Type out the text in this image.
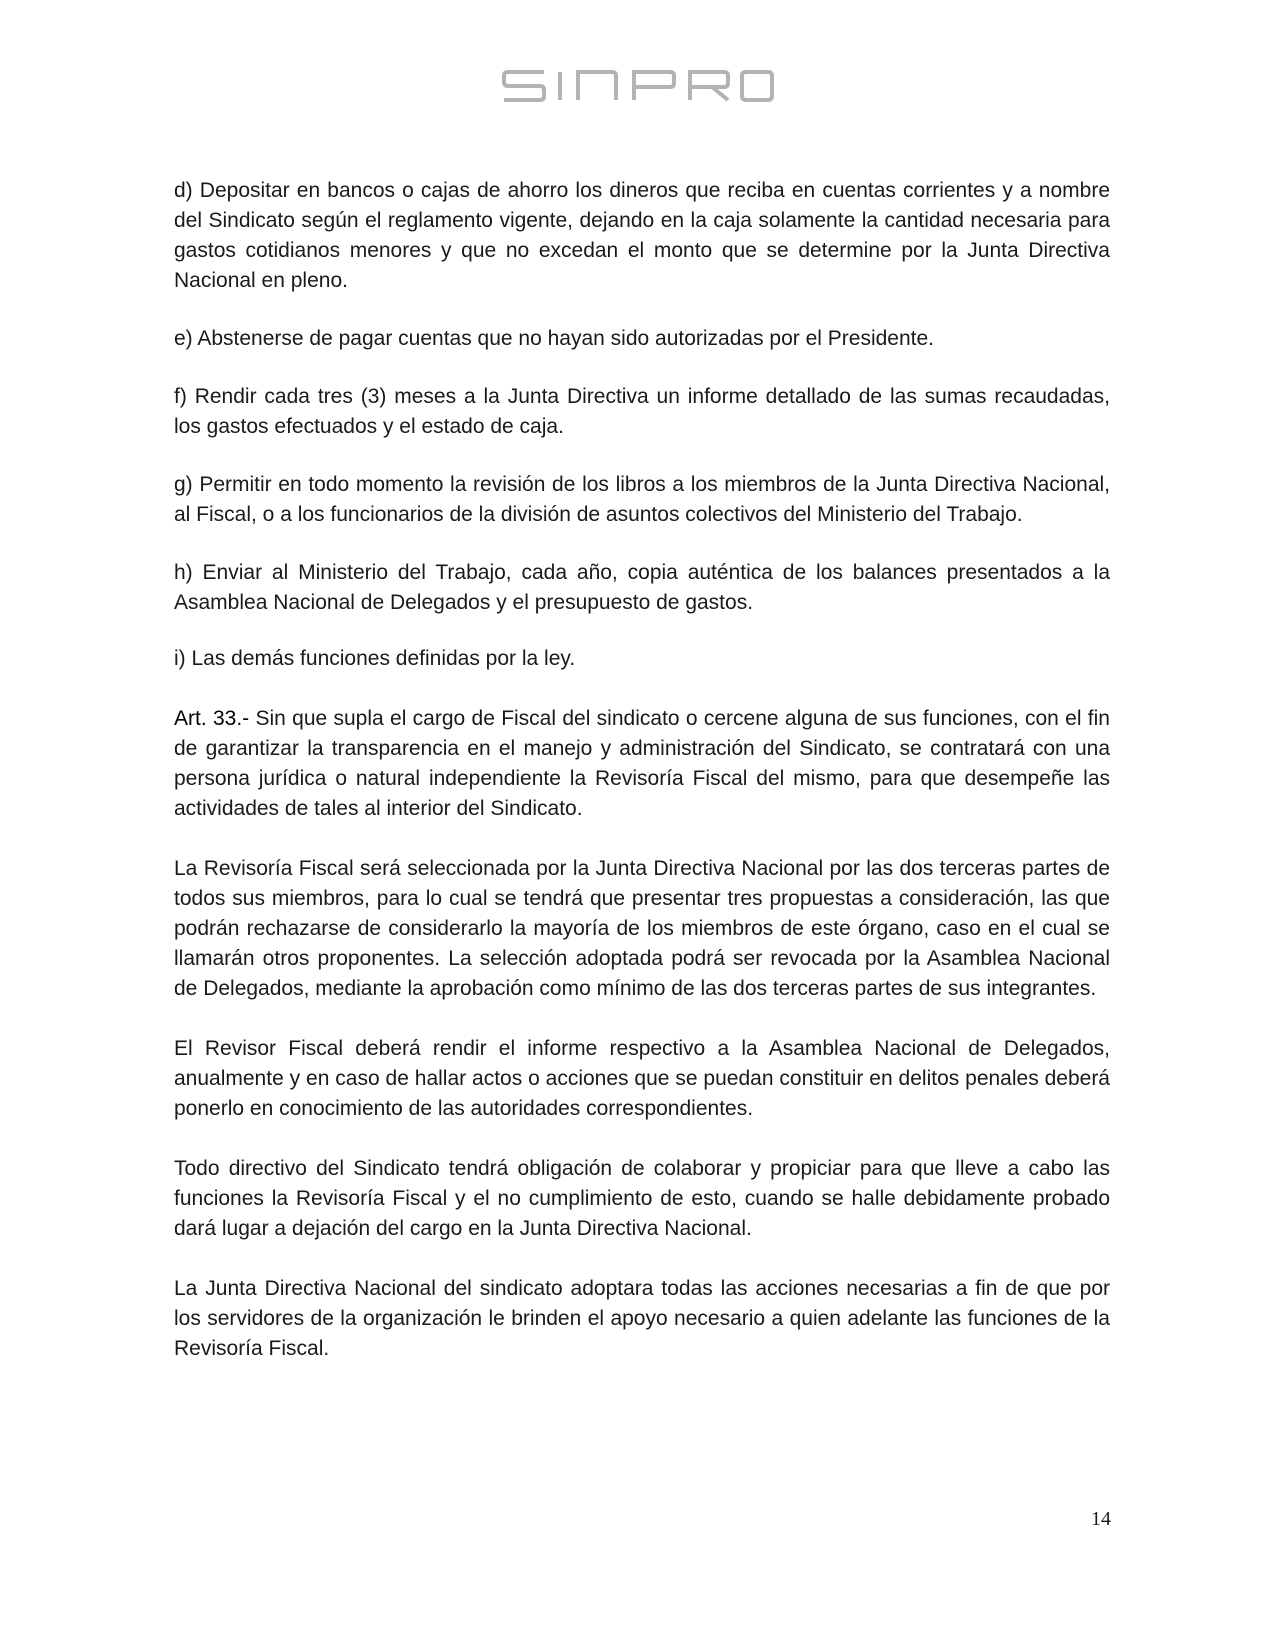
d) Depositar en bancos o cajas de ahorro los dineros que reciba en cuentas corrientes y a nombre del Sindicato según el reglamento vigente, dejando en la caja solamente la cantidad necesaria para gastos cotidianos menores y que no excedan el monto que se determine por la Junta Directiva Nacional en pleno.

e) Abstenerse de pagar cuentas que no hayan sido autorizadas por el Presidente.

f) Rendir cada tres (3) meses a la Junta Directiva un informe detallado de las sumas recaudadas, los gastos efectuados y el estado de caja.

g) Permitir en todo momento la revisión de los libros a los miembros de la Junta Directiva Nacional, al Fiscal, o a los funcionarios de la división de asuntos colectivos del Ministerio del Trabajo.

h) Enviar al Ministerio del Trabajo, cada año, copia auténtica de los balances presentados a la Asamblea Nacional de Delegados y el presupuesto de gastos.

i) Las demás funciones definidas por la ley.

Art. 33.- Sin que supla el cargo de Fiscal del sindicato o cercene alguna de sus funciones, con el fin de garantizar la transparencia en el manejo y administración del Sindicato, se contratará con una persona jurídica o natural independiente la Revisoría Fiscal del mismo, para que desempeñe las actividades de tales al interior del Sindicato.

La Revisoría Fiscal será seleccionada por la Junta Directiva Nacional por las dos terceras partes de todos sus miembros, para lo cual se tendrá que presentar tres propuestas a consideración, las que podrán rechazarse de considerarlo la mayoría de los miembros de este órgano, caso en el cual se llamarán otros proponentes. La selección adoptada podrá ser revocada por la Asamblea Nacional de Delegados, mediante la aprobación como mínimo de las dos terceras partes de sus integrantes.

El Revisor Fiscal deberá rendir el informe respectivo a la Asamblea Nacional de Delegados, anualmente y en caso de hallar actos o acciones que se puedan constituir en delitos penales deberá ponerlo en conocimiento de las autoridades correspondientes.

Todo directivo del Sindicato tendrá obligación de colaborar y propiciar para que lleve a cabo las funciones la Revisoría Fiscal y el no cumplimiento de esto, cuando se halle debidamente probado dará lugar a dejación del cargo en la Junta Directiva Nacional.

La Junta Directiva Nacional del sindicato adoptara todas las acciones necesarias a fin de que por los servidores de la organización le brinden el apoyo necesario a quien adelante las funciones de la Revisoría Fiscal.

14
